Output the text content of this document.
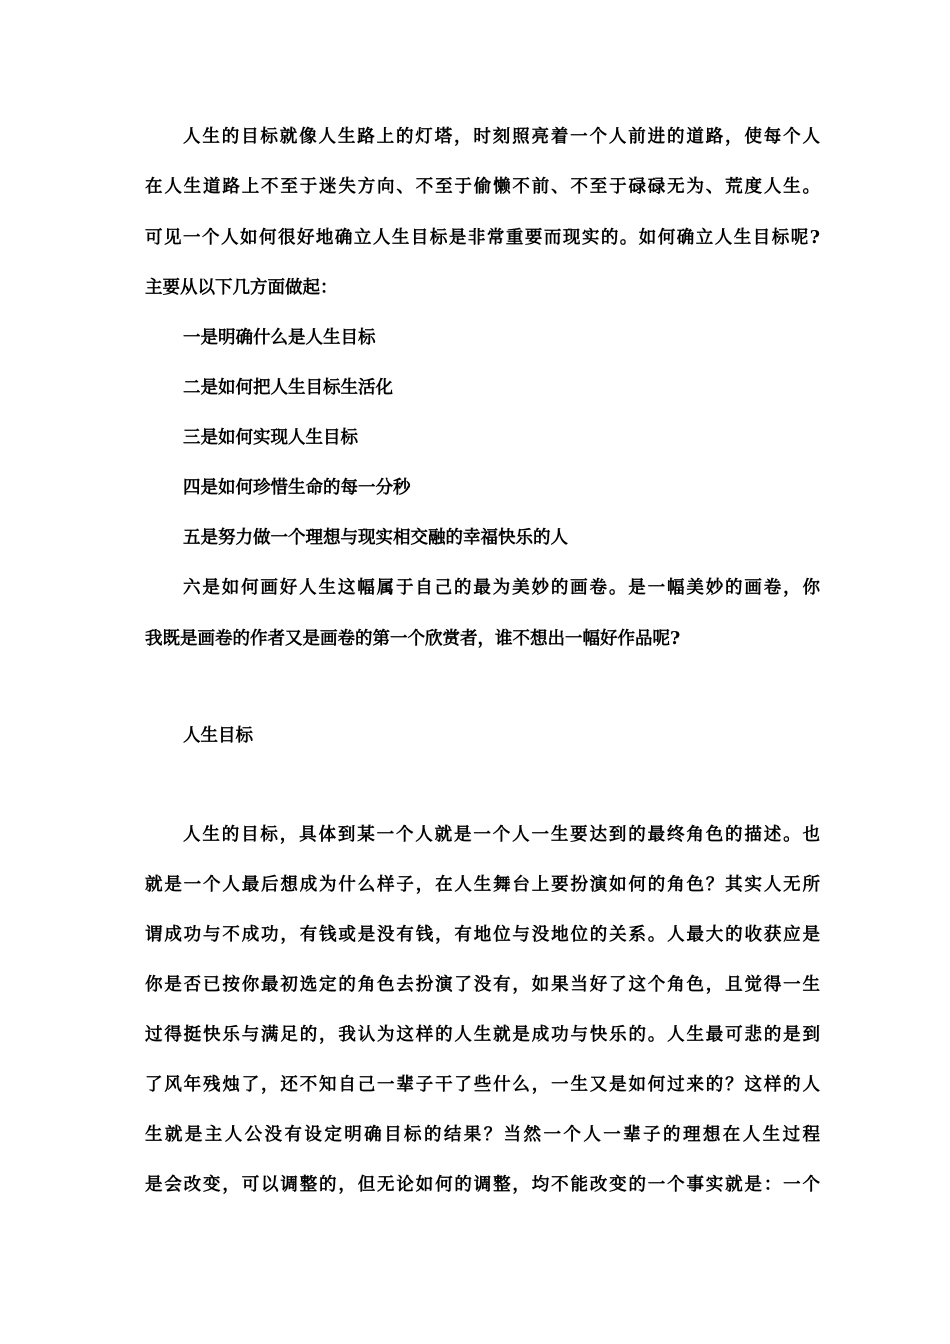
人生的目标就像人生路上的灯塔，时刻照亮着一个人前进的道路，使每个人
在人生道路上不至于迷失方向、不至于偷懒不前、不至于碌碌无为、荒度人生。
可见一个人如何很好地确立人生目标是非常重要而现实的。如何确立人生目标呢?
主要从以下几方面做起：
一是明确什么是人生目标
二是如何把人生目标生活化
三是如何实现人生目标
四是如何珍惜生命的每一分秒
五是努力做一个理想与现实相交融的幸福快乐的人
六是如何画好人生这幅属于自己的最为美妙的画卷。是一幅美妙的画卷，你
我既是画卷的作者又是画卷的第一个欣赏者，谁不想出一幅好作品呢?
人生目标
人生的目标，具体到某一个人就是一个人一生要达到的最终角色的描述。也
就是一个人最后想成为什么样子，在人生舞台上要扮演如何的角色？其实人无所
谓成功与不成功，有钱或是没有钱，有地位与没地位的关系。人最大的收获应是
你是否已按你最初选定的角色去扮演了没有，如果当好了这个角色，且觉得一生
过得挺快乐与满足的，我认为这样的人生就是成功与快乐的。人生最可悲的是到
了风年残烛了，还不知自己一辈子干了些什么，一生又是如何过来的？这样的人
生就是主人公没有设定明确目标的结果？当然一个人一辈子的理想在人生过程
是会改变，可以调整的，但无论如何的调整，均不能改变的一个事实就是：一个
